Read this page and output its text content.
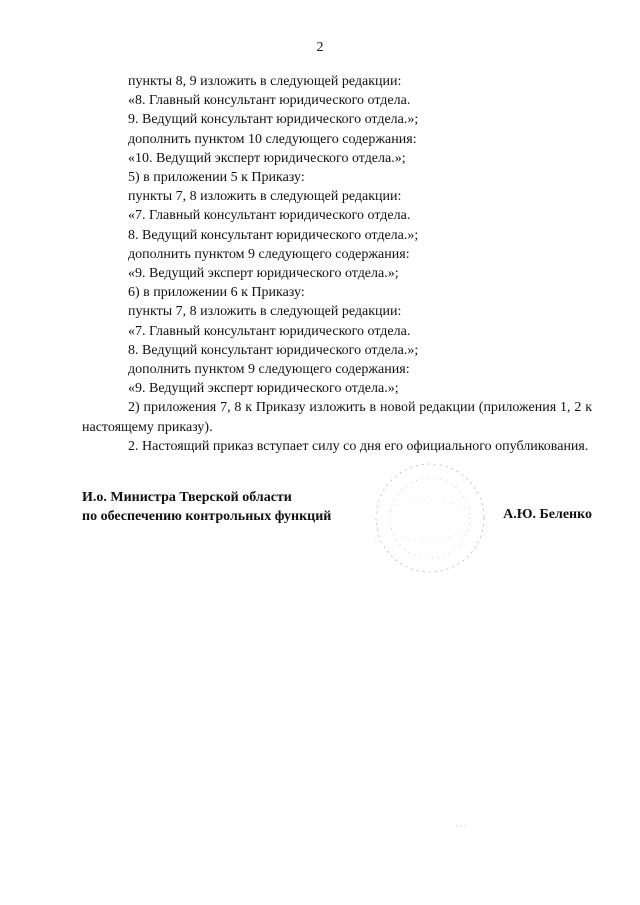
2
пункты 8, 9 изложить в следующей редакции:
«8. Главный консультант юридического отдела.
9. Ведущий консультант юридического отдела.»;
дополнить пунктом 10 следующего содержания:
«10. Ведущий эксперт юридического отдела.»;
5) в приложении 5 к Приказу:
пункты 7, 8 изложить в следующей редакции:
«7. Главный консультант юридического отдела.
8. Ведущий консультант юридического отдела.»;
дополнить пунктом 9 следующего содержания:
«9. Ведущий эксперт юридического отдела.»;
6) в приложении 6 к Приказу:
пункты 7, 8 изложить в следующей редакции:
«7. Главный консультант юридического отдела.
8. Ведущий консультант юридического отдела.»;
дополнить пунктом 9 следующего содержания:
«9. Ведущий эксперт юридического отдела.»;
2) приложения 7, 8 к Приказу изложить в новой редакции (приложения 1, 2 к настоящему приказу).
2. Настоящий приказ вступает силу со дня его официального опубликования.
И.о. Министра Тверской области
по обеспечению контрольных функций	А.Ю. Беленко
· · ·
